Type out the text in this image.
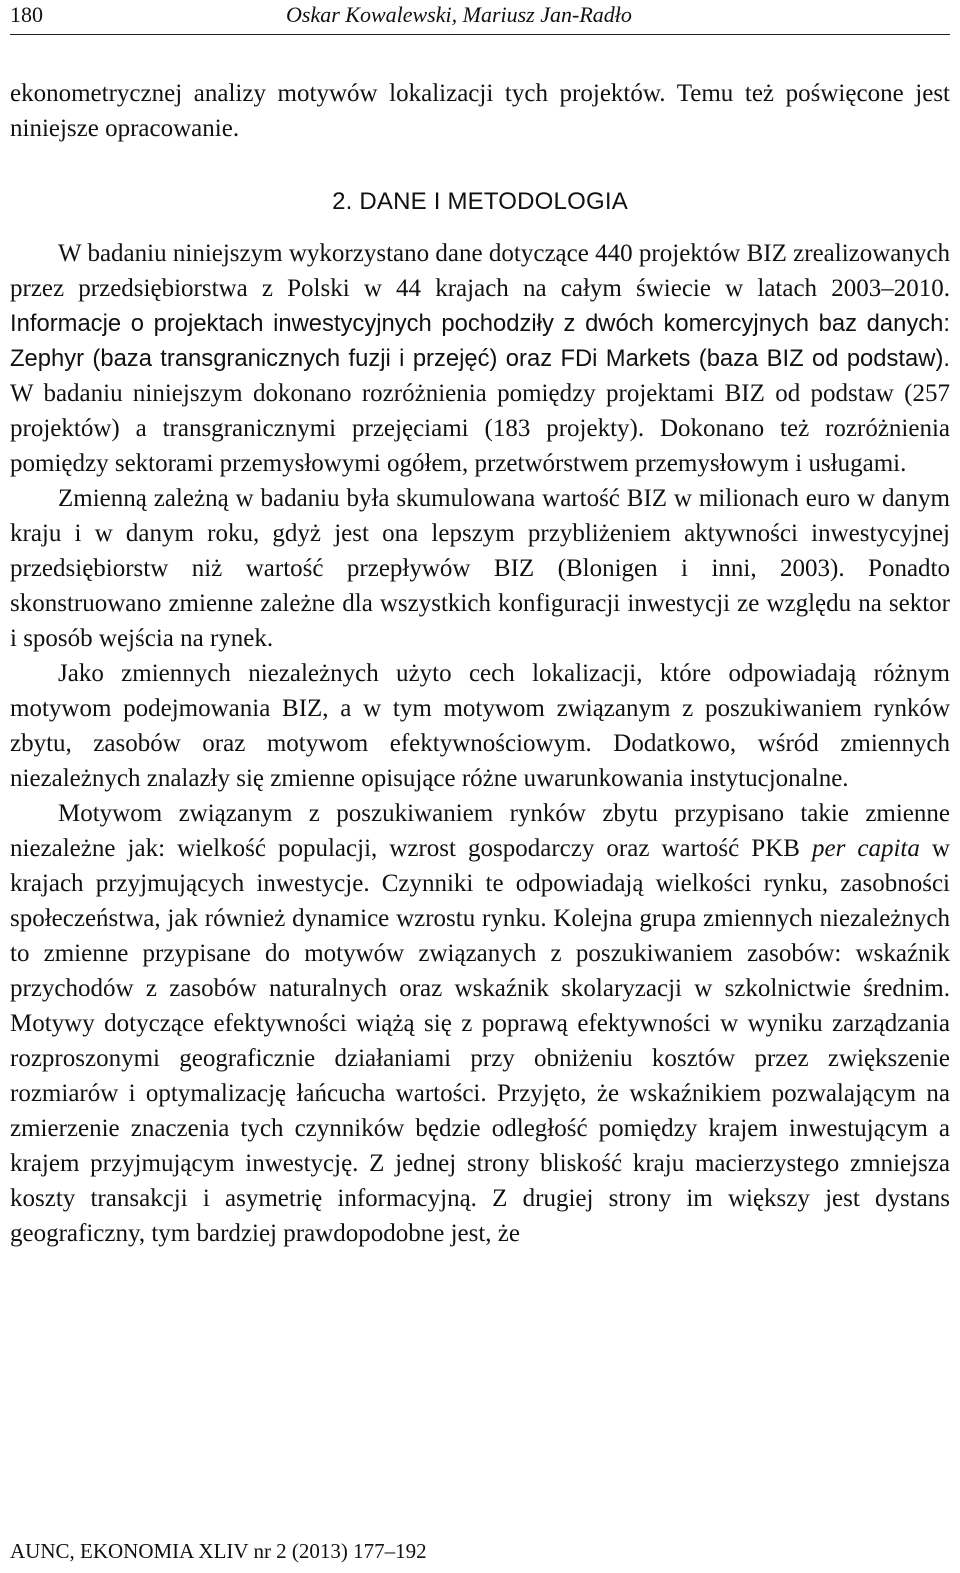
180	Oskar Kowalewski, Mariusz Jan-Radło
ekonometrycznej analizy motywów lokalizacji tych projektów. Temu też poświęcone jest niniejsze opracowanie.
2. DANE I METODOLOGIA

W badaniu niniejszym wykorzystano dane dotyczące 440 projektów BIZ zrealizowanych przez przedsiębiorstwa z Polski w 44 krajach na całym świecie w latach 2003–2010. Informacje o projektach inwestycyjnych pochodziły z dwóch komercyjnych baz danych: Zephyr (baza transgranicznych fuzji i przejęć) oraz FDi Markets (baza BIZ od podstaw). W badaniu niniejszym dokonano rozróżnienia pomiędzy projektami BIZ od podstaw (257 projektów) a transgranicznymi przejęciami (183 projekty). Dokonano też rozróżnienia pomiędzy sektorami przemysłowymi ogółem, przetwórstwem przemysłowym i usługami.

Zmienną zależną w badaniu była skumulowana wartość BIZ w milionach euro w danym kraju i w danym roku, gdyż jest ona lepszym przybliżeniem aktywności inwestycyjnej przedsiębiorstw niż wartość przepływów BIZ (Blonigen i inni, 2003). Ponadto skonstruowano zmienne zależne dla wszystkich konfiguracji inwestycji ze względu na sektor i sposób wejścia na rynek.

Jako zmiennych niezależnych użyto cech lokalizacji, które odpowiadają różnym motywom podejmowania BIZ, a w tym motywom związanym z poszukiwaniem rynków zbytu, zasobów oraz motywom efektywnościowym. Dodatkowo, wśród zmiennych niezależnych znalazły się zmienne opisujące różne uwarunkowania instytucjonalne.

Motywom związanym z poszukiwaniem rynków zbytu przypisano takie zmienne niezależne jak: wielkość populacji, wzrost gospodarczy oraz wartość PKB per capita w krajach przyjmujących inwestycje. Czynniki te odpowiadają wielkości rynku, zasobności społeczeństwa, jak również dynamice wzrostu rynku. Kolejna grupa zmiennych niezależnych to zmienne przypisane do motywów związanych z poszukiwaniem zasobów: wskaźnik przychodów z zasobów naturalnych oraz wskaźnik skolaryzacji w szkolnictwie średnim. Motywy dotyczące efektywności wiążą się z poprawą efektywności w wyniku zarządzania rozproszonymi geograficznie działaniami przy obniżeniu kosztów przez zwiększenie rozmiarów i optymalizację łańcucha wartości. Przyjęto, że wskaźnikiem pozwalającym na zmierzenie znaczenia tych czynników będzie odległość pomiędzy krajem inwestującym a krajem przyjmującym inwestycję. Z jednej strony bliskość kraju macierzystego zmniejsza koszty transakcji i asymetrię informacyjną. Z drugiej strony im większy jest dystans geograficzny, tym bardziej prawdopodobne jest, że

AUNC, EKONOMIA XLIV nr 2 (2013) 177–192
